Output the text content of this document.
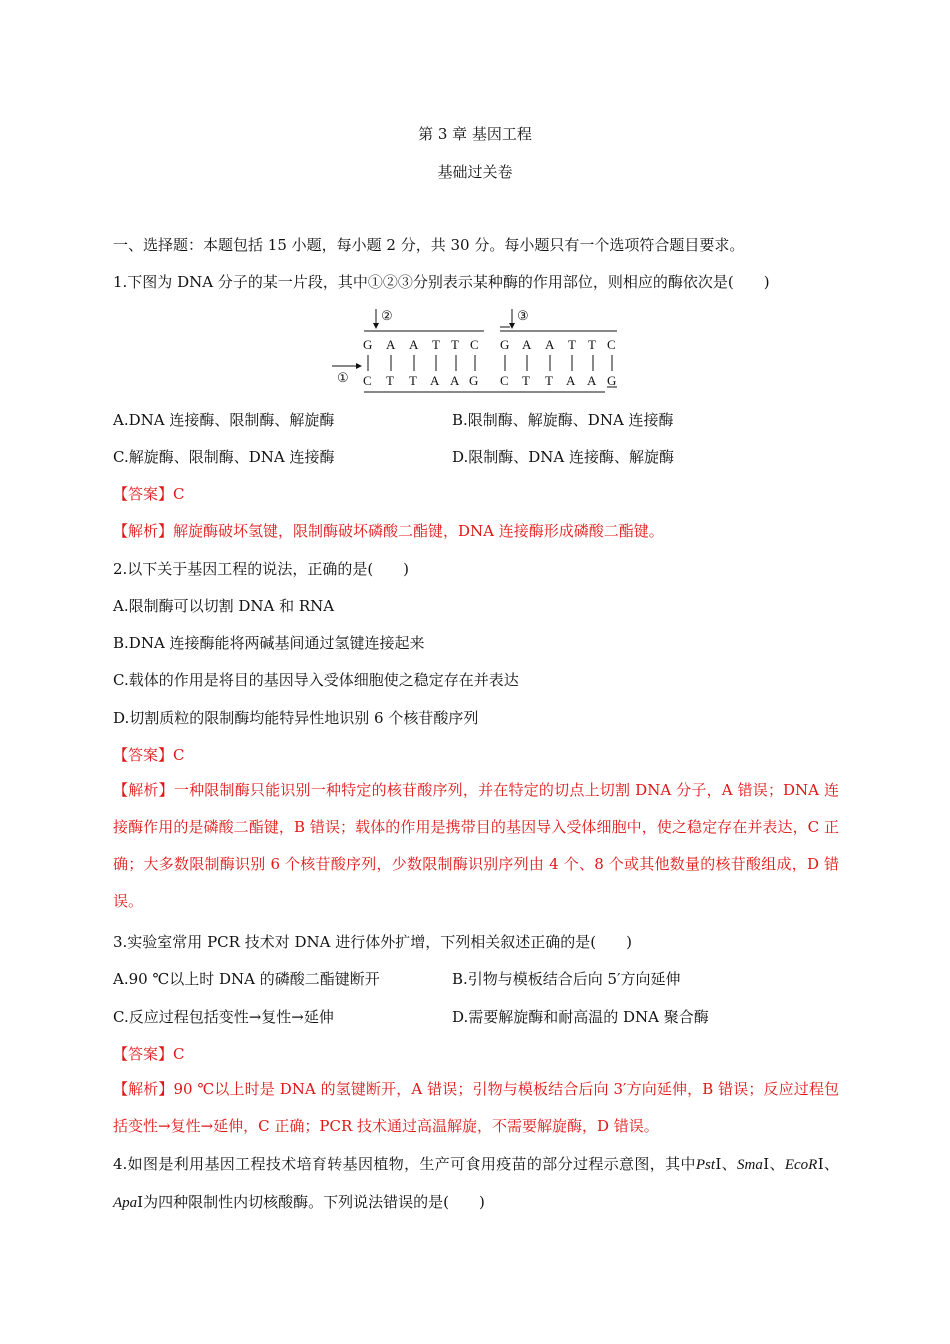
第 3 章 基因工程
基础过关卷
一、选择题：本题包括 15 小题，每小题 2 分，共 30 分。每小题只有一个选项符合题目要求。
1.下图为 DNA 分子的某一片段，其中①②③分别表示某种酶的作用部位，则相应的酶依次是(　　)
②	③
①
G A A T T C G A A T T C
C T T A A G C T T A A G
A.DNA 连接酶、限制酶、解旋酶	B.限制酶、解旋酶、DNA 连接酶
C.解旋酶、限制酶、DNA 连接酶	D.限制酶、DNA 连接酶、解旋酶
【答案】C
【解析】解旋酶破坏氢键，限制酶破坏磷酸二酯键，DNA 连接酶形成磷酸二酯键。
2.以下关于基因工程的说法，正确的是(　　)
A.限制酶可以切割 DNA 和 RNA
B.DNA 连接酶能将两碱基间通过氢键连接起来
C.载体的作用是将目的基因导入受体细胞使之稳定存在并表达
D.切割质粒的限制酶均能特异性地识别 6 个核苷酸序列
【答案】C
【解析】一种限制酶只能识别一种特定的核苷酸序列，并在特定的切点上切割 DNA 分子，A 错误；DNA 连接酶作用的是磷酸二酯键，B 错误；载体的作用是携带目的基因导入受体细胞中，使之稳定存在并表达，C 正确；大多数限制酶识别 6 个核苷酸序列，少数限制酶识别序列由 4 个、8 个或其他数量的核苷酸组成，D 错误。
3.实验室常用 PCR 技术对 DNA 进行体外扩增，下列相关叙述正确的是(　　)
A.90 ℃以上时 DNA 的磷酸二酯键断开	B.引物与模板结合后向 5′方向延伸
C.反应过程包括变性→复性→延伸	D.需要解旋酶和耐高温的 DNA 聚合酶
【答案】C
【解析】90 ℃以上时是 DNA 的氢键断开，A 错误；引物与模板结合后向 3′方向延伸，B 错误；反应过程包括变性→复性→延伸，C 正确；PCR 技术通过高温解旋，不需要解旋酶，D 错误。
4.如图是利用基因工程技术培育转基因植物，生产可食用疫苗的部分过程示意图，其中PstⅠ、SmaⅠ、EcoRⅠ、ApaⅠ为四种限制性内切核酸酶。下列说法错误的是(　　)
